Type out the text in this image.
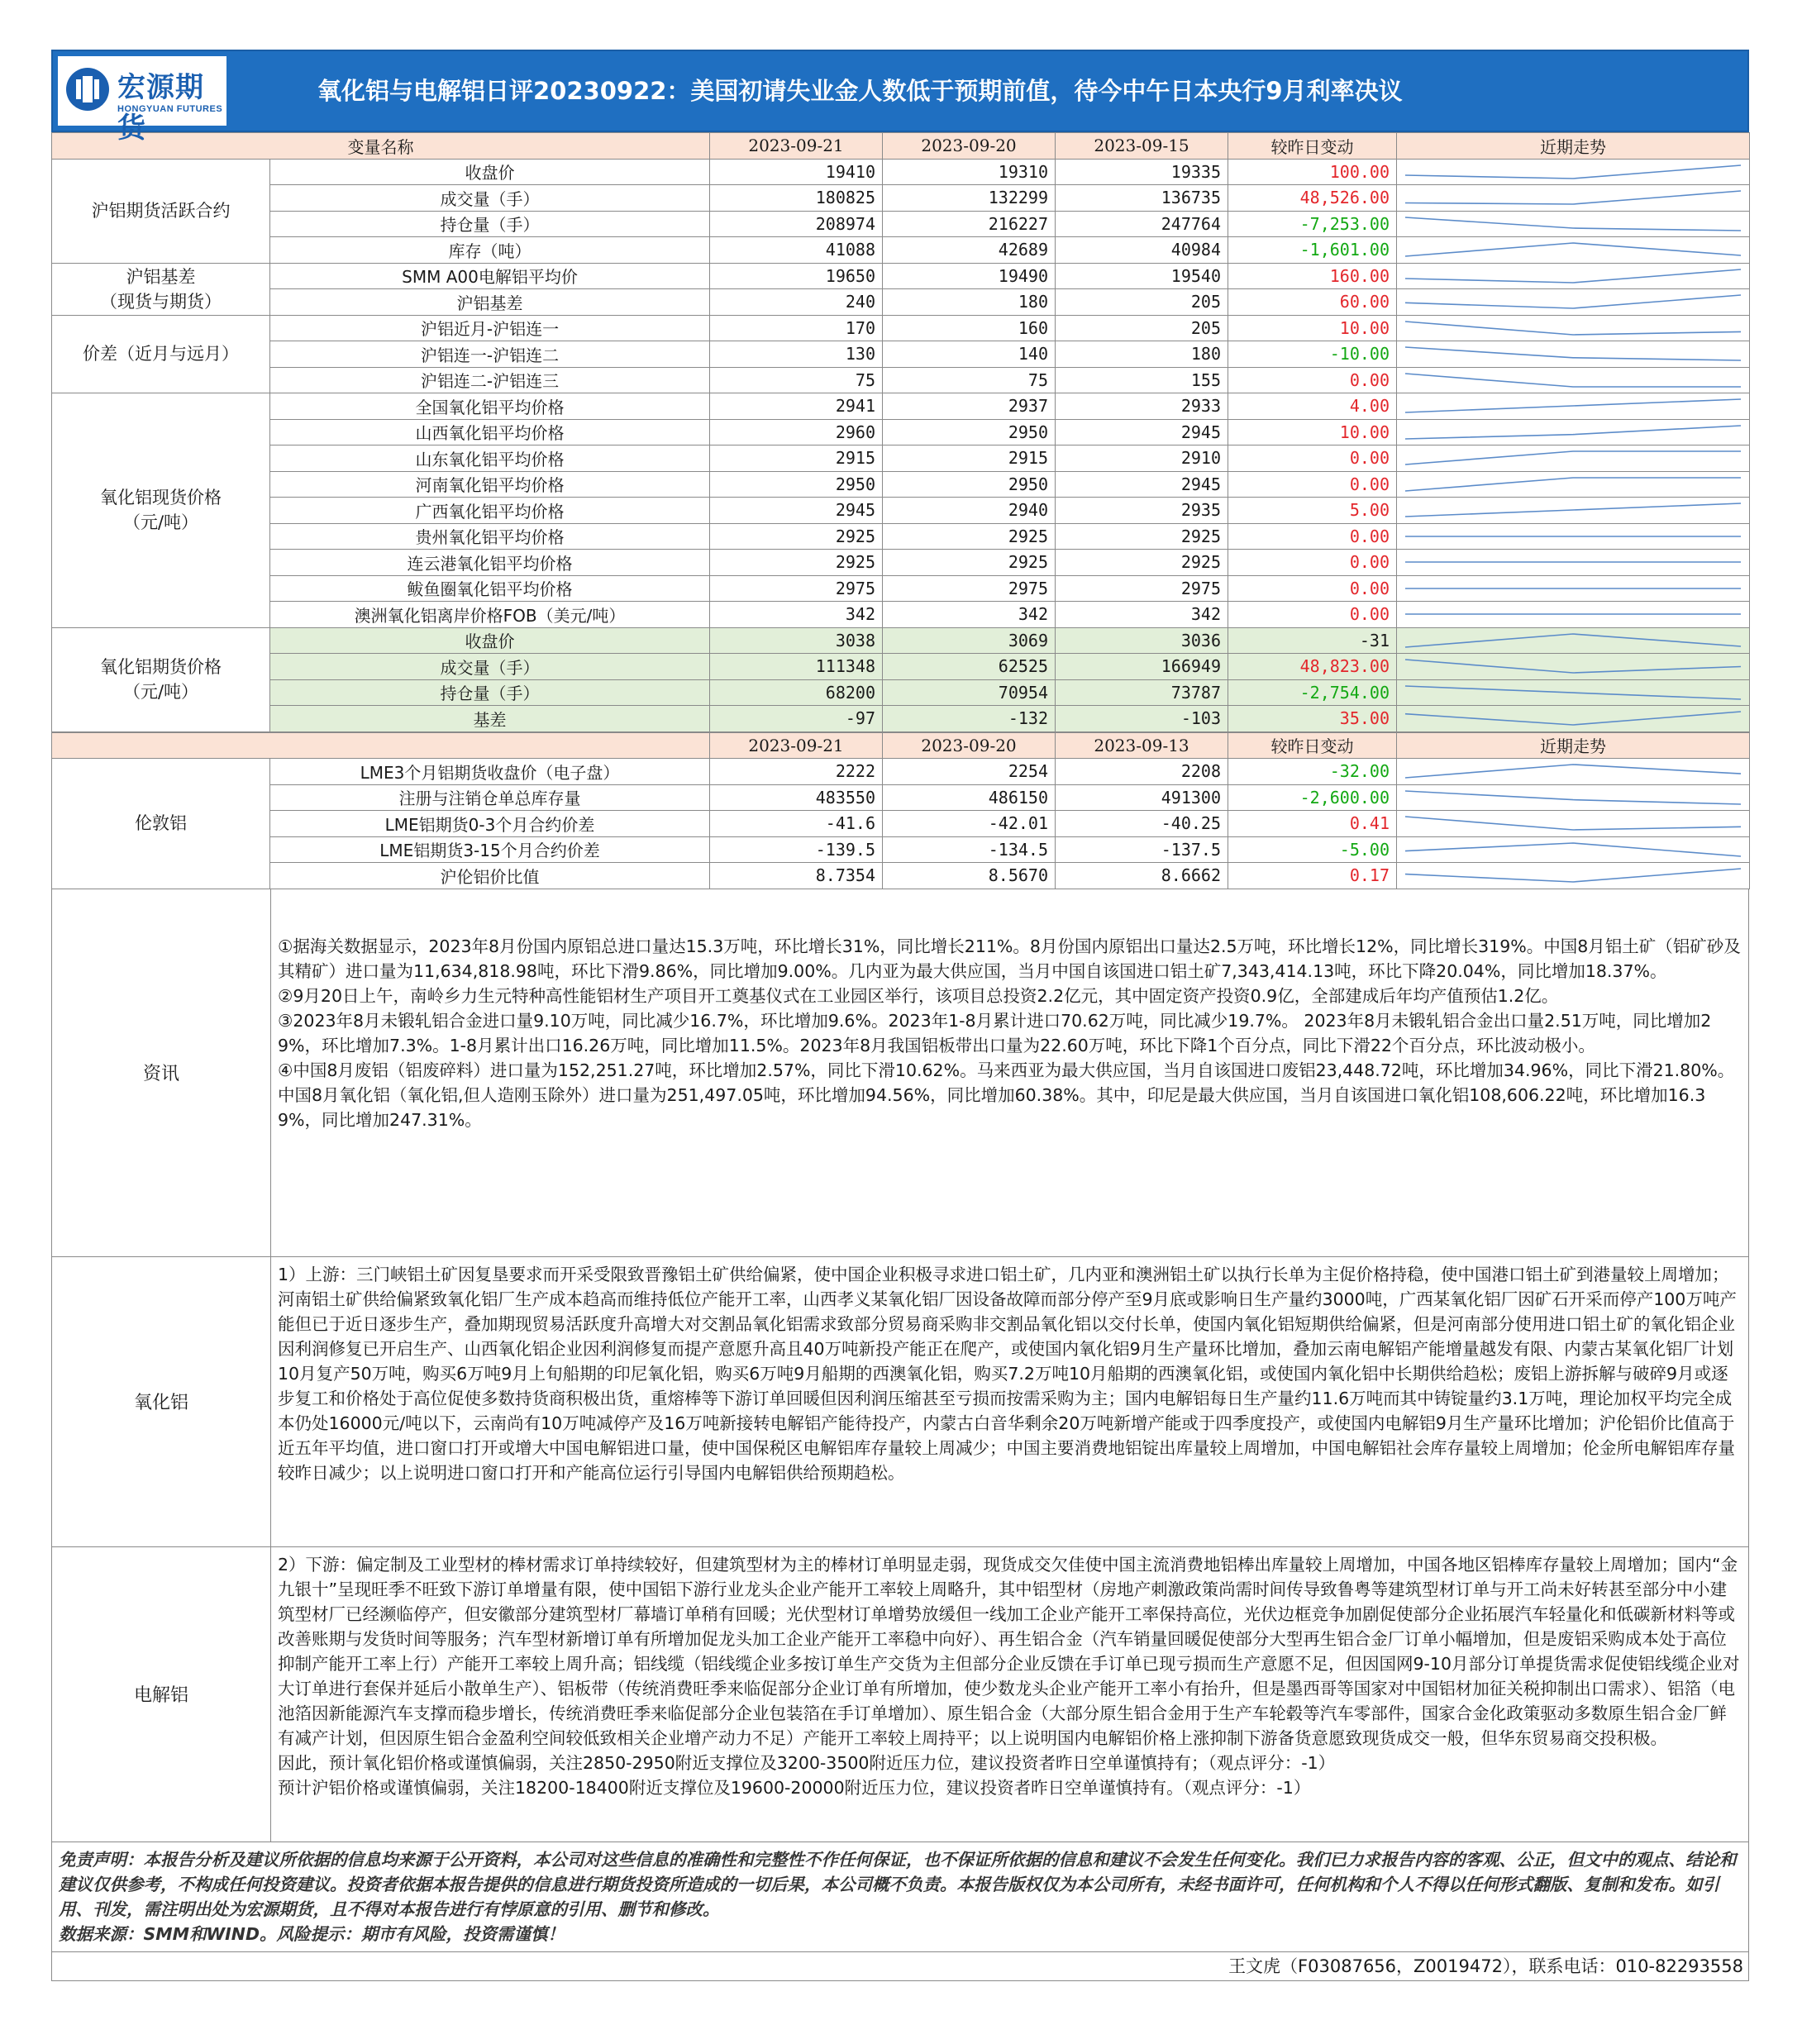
宏源期货
HONGYUAN FUTURES
氧化铝与电解铝日评20230922：美国初请失业金人数低于预期前值，待今中午日本央行9月利率决议
变量名称		2023-09-21	2023-09-20	2023-09-15	较昨日变动	近期走势
沪铝期货活跃合约	收盘价	19410	19310	19335	100.00	

	成交量（手）	180825	132299	136735	48,526.00	

	持仓量（手）	208974	216227	247764	-7,253.00	

	库存（吨）	41088	42689	40984	-1,601.00	

沪铝基差
（现货与期货）	SMM A00电解铝平均价	19650	19490	19540	160.00	

	沪铝基差	240	180	205	60.00	

价差（近月与远月）	沪铝近月-沪铝连一	170	160	205	10.00	

	沪铝连一-沪铝连二	130	140	180	-10.00	

	沪铝连二-沪铝连三	75	75	155	0.00	

氧化铝现货价格
（元/吨）	全国氧化铝平均价格	2941	2937	2933	4.00	

	山西氧化铝平均价格	2960	2950	2945	10.00	

	山东氧化铝平均价格	2915	2915	2910	0.00	

	河南氧化铝平均价格	2950	2950	2945	0.00	

	广西氧化铝平均价格	2945	2940	2935	5.00	

	贵州氧化铝平均价格	2925	2925	2925	0.00	

	连云港氧化铝平均价格	2925	2925	2925	0.00	

	鲅鱼圈氧化铝平均价格	2975	2975	2975	0.00	

	澳洲氧化铝离岸价格FOB（美元/吨）	342	342	342	0.00	

氧化铝期货价格
（元/吨）	收盘价	3038	3069	3036	-31	

	成交量（手）	111348	62525	166949	48,823.00	

	持仓量（手）	68200	70954	73787	-2,754.00	

	基差	-97	-132	-103	35.00	
		2023-09-21	2023-09-20	2023-09-13	较昨日变动	近期走势
伦敦铝	LME3个月铝期货收盘价（电子盘）	2222	2254	2208	-32.00	

	注册与注销仓单总库存量	483550	486150	491300	-2,600.00	

	LME铝期货0-3个月合约价差	-41.6	-42.01	-40.25	0.41	

	LME铝期货3-15个月合约价差	-139.5	-134.5	-137.5	-5.00	

	沪伦铝价比值	8.7354	8.5670	8.6662	0.17	
资讯

①据海关数据显示，2023年8月份国内原铝总进口量达15.3万吨，环比增长31%，同比增长211%。8月份国内原铝出口量达2.5万吨，环比增长12%，同比增长319%。中国8月铝土矿（铝矿砂及其精矿）进口量为11,634,818.98吨，环比下滑9.86%，同比增加9.00%。几内亚为最大供应国，当月中国自该国进口铝土矿7,343,414.13吨，环比下降20.04%，同比增加18.37%。

②9月20日上午，南岭乡力生元特种高性能铝材生产项目开工奠基仪式在工业园区举行，该项目总投资2.2亿元，其中固定资产投资0.9亿，全部建成后年均产值预估1.2亿。

③2023年8月未锻轧铝合金进口量9.10万吨，同比减少16.7%，环比增加9.6%。2023年1-8月累计进口70.62万吨，同比减少19.7%。 2023年8月未锻轧铝合金出口量2.51万吨，同比增加29%，环比增加7.3%。1-8月累计出口16.26万吨，同比增加11.5%。2023年8月我国铝板带出口量为22.60万吨，环比下降1个百分点，同比下滑22个百分点，环比波动极小。

④中国8月废铝（铝废碎料）进口量为152,251.27吨，环比增加2.57%，同比下滑10.62%。马来西亚为最大供应国，当月自该国进口废铝23,448.72吨，环比增加34.96%，同比下滑21.80%。中国8月氧化铝（氧化铝,但人造刚玉除外）进口量为251,497.05吨，环比增加94.56%，同比增加60.38%。其中，印尼是最大供应国，当月自该国进口氧化铝108,606.22吨，环比增加16.39%，同比增加247.31%。

氧化铝
1）上游：三门峡铝土矿因复垦要求而开采受限致晋豫铝土矿供给偏紧，使中国企业积极寻求进口铝土矿，几内亚和澳洲铝土矿以执行长单为主促价格持稳，使中国港口铝土矿到港量较上周增加；河南铝土矿供给偏紧致氧化铝厂生产成本趋高而维持低位产能开工率，山西孝义某氧化铝厂因设备故障而部分停产至9月底或影响日生产量约3000吨，广西某氧化铝厂因矿石开采而停产100万吨产能但已于近日逐步生产，叠加期现贸易活跃度升高增大对交割品氧化铝需求致部分贸易商采购非交割品氧化铝以交付长单，使国内氧化铝短期供给偏紧，但是河南部分使用进口铝土矿的氧化铝企业因利润修复已开启生产、山西氧化铝企业因利润修复而提产意愿升高且40万吨新投产能正在爬产，或使国内氧化铝9月生产量环比增加，叠加云南电解铝产能增量越发有限、内蒙古某氧化铝厂计划10月复产50万吨，购买6万吨9月上旬船期的印尼氧化铝，购买6万吨9月船期的西澳氧化铝，购买7.2万吨10月船期的西澳氧化铝，或使国内氧化铝中长期供给趋松；废铝上游拆解与破碎9月或逐步复工和价格处于高位促使多数持货商积极出货，重熔棒等下游订单回暖但因利润压缩甚至亏损而按需采购为主；国内电解铝每日生产量约11.6万吨而其中铸锭量约3.1万吨，理论加权平均完全成本仍处16000元/吨以下，云南尚有10万吨减停产及16万吨新接转电解铝产能待投产，内蒙古白音华剩余20万吨新增产能或于四季度投产，或使国内电解铝9月生产量环比增加；沪伦铝价比值高于近五年平均值，进口窗口打开或增大中国电解铝进口量，使中国保税区电解铝库存量较上周减少；中国主要消费地铝锭出库量较上周增加，中国电解铝社会库存量较上周增加；伦金所电解铝库存量较昨日减少；以上说明进口窗口打开和产能高位运行引导国内电解铝供给预期趋松。
电解铝

2）下游：偏定制及工业型材的棒材需求订单持续较好，但建筑型材为主的棒材订单明显走弱，现货成交欠佳使中国主流消费地铝棒出库量较上周增加，中国各地区铝棒库存量较上周增加；国内“金九银十”呈现旺季不旺致下游订单增量有限，使中国铝下游行业龙头企业产能开工率较上周略升，其中铝型材（房地产刺激政策尚需时间传导致鲁粤等建筑型材订单与开工尚未好转甚至部分中小建筑型材厂已经濒临停产，但安徽部分建筑型材厂幕墙订单稍有回暖；光伏型材订单增势放缓但一线加工企业产能开工率保持高位，光伏边框竞争加剧促使部分企业拓展汽车轻量化和低碳新材料等或改善账期与发货时间等服务；汽车型材新增订单有所增加促龙头加工企业产能开工率稳中向好）、再生铝合金（汽车销量回暖促使部分大型再生铝合金厂订单小幅增加，但是废铝采购成本处于高位抑制产能开工率上行）产能开工率较上周升高；铝线缆（铝线缆企业多按订单生产交货为主但部分企业反馈在手订单已现亏损而生产意愿不足，但因国网9-10月部分订单提货需求促使铝线缆企业对大订单进行套保并延后小散单生产）、铝板带（传统消费旺季来临促部分企业订单有所增加，使少数龙头企业产能开工率小有抬升，但是墨西哥等国家对中国铝材加征关税抑制出口需求）、铝箔（电池箔因新能源汽车支撑而稳步增长，传统消费旺季来临促部分企业包装箔在手订单增加）、原生铝合金（大部分原生铝合金用于生产车轮毂等汽车零部件，国家合金化政策驱动多数原生铝合金厂鲜有减产计划，但因原生铝合金盈利空间较低致相关企业增产动力不足）产能开工率较上周持平；以上说明国内电解铝价格上涨抑制下游备货意愿致现货成交一般，但华东贸易商交投积极。

因此，预计氧化铝价格或谨慎偏弱，关注2850-2950附近支撑位及3200-3500附近压力位，建议投资者昨日空单谨慎持有；（观点评分：-1）

预计沪铝价格或谨慎偏弱，关注18200-18400附近支撑位及19600-20000附近压力位，建议投资者昨日空单谨慎持有。（观点评分：-1）

免责声明：本报告分析及建议所依据的信息均来源于公开资料，本公司对这些信息的准确性和完整性不作任何保证，也不保证所依据的信息和建议不会发生任何变化。我们已力求报告内容的客观、公正，但文中的观点、结论和建议仅供参考，不构成任何投资建议。投资者依据本报告提供的信息进行期货投资所造成的一切后果，本公司概不负责。本报告版权仅为本公司所有，未经书面许可，任何机构和个人不得以任何形式翻版、复制和发布。如引用、刊发，需注明出处为宏源期货，且不得对本报告进行有悖原意的引用、删节和修改。
数据来源：SMM和WIND。风险提示：期市有风险，投资需谨慎！
王文虎（F03087656，Z0019472），联系电话：010-82293558
